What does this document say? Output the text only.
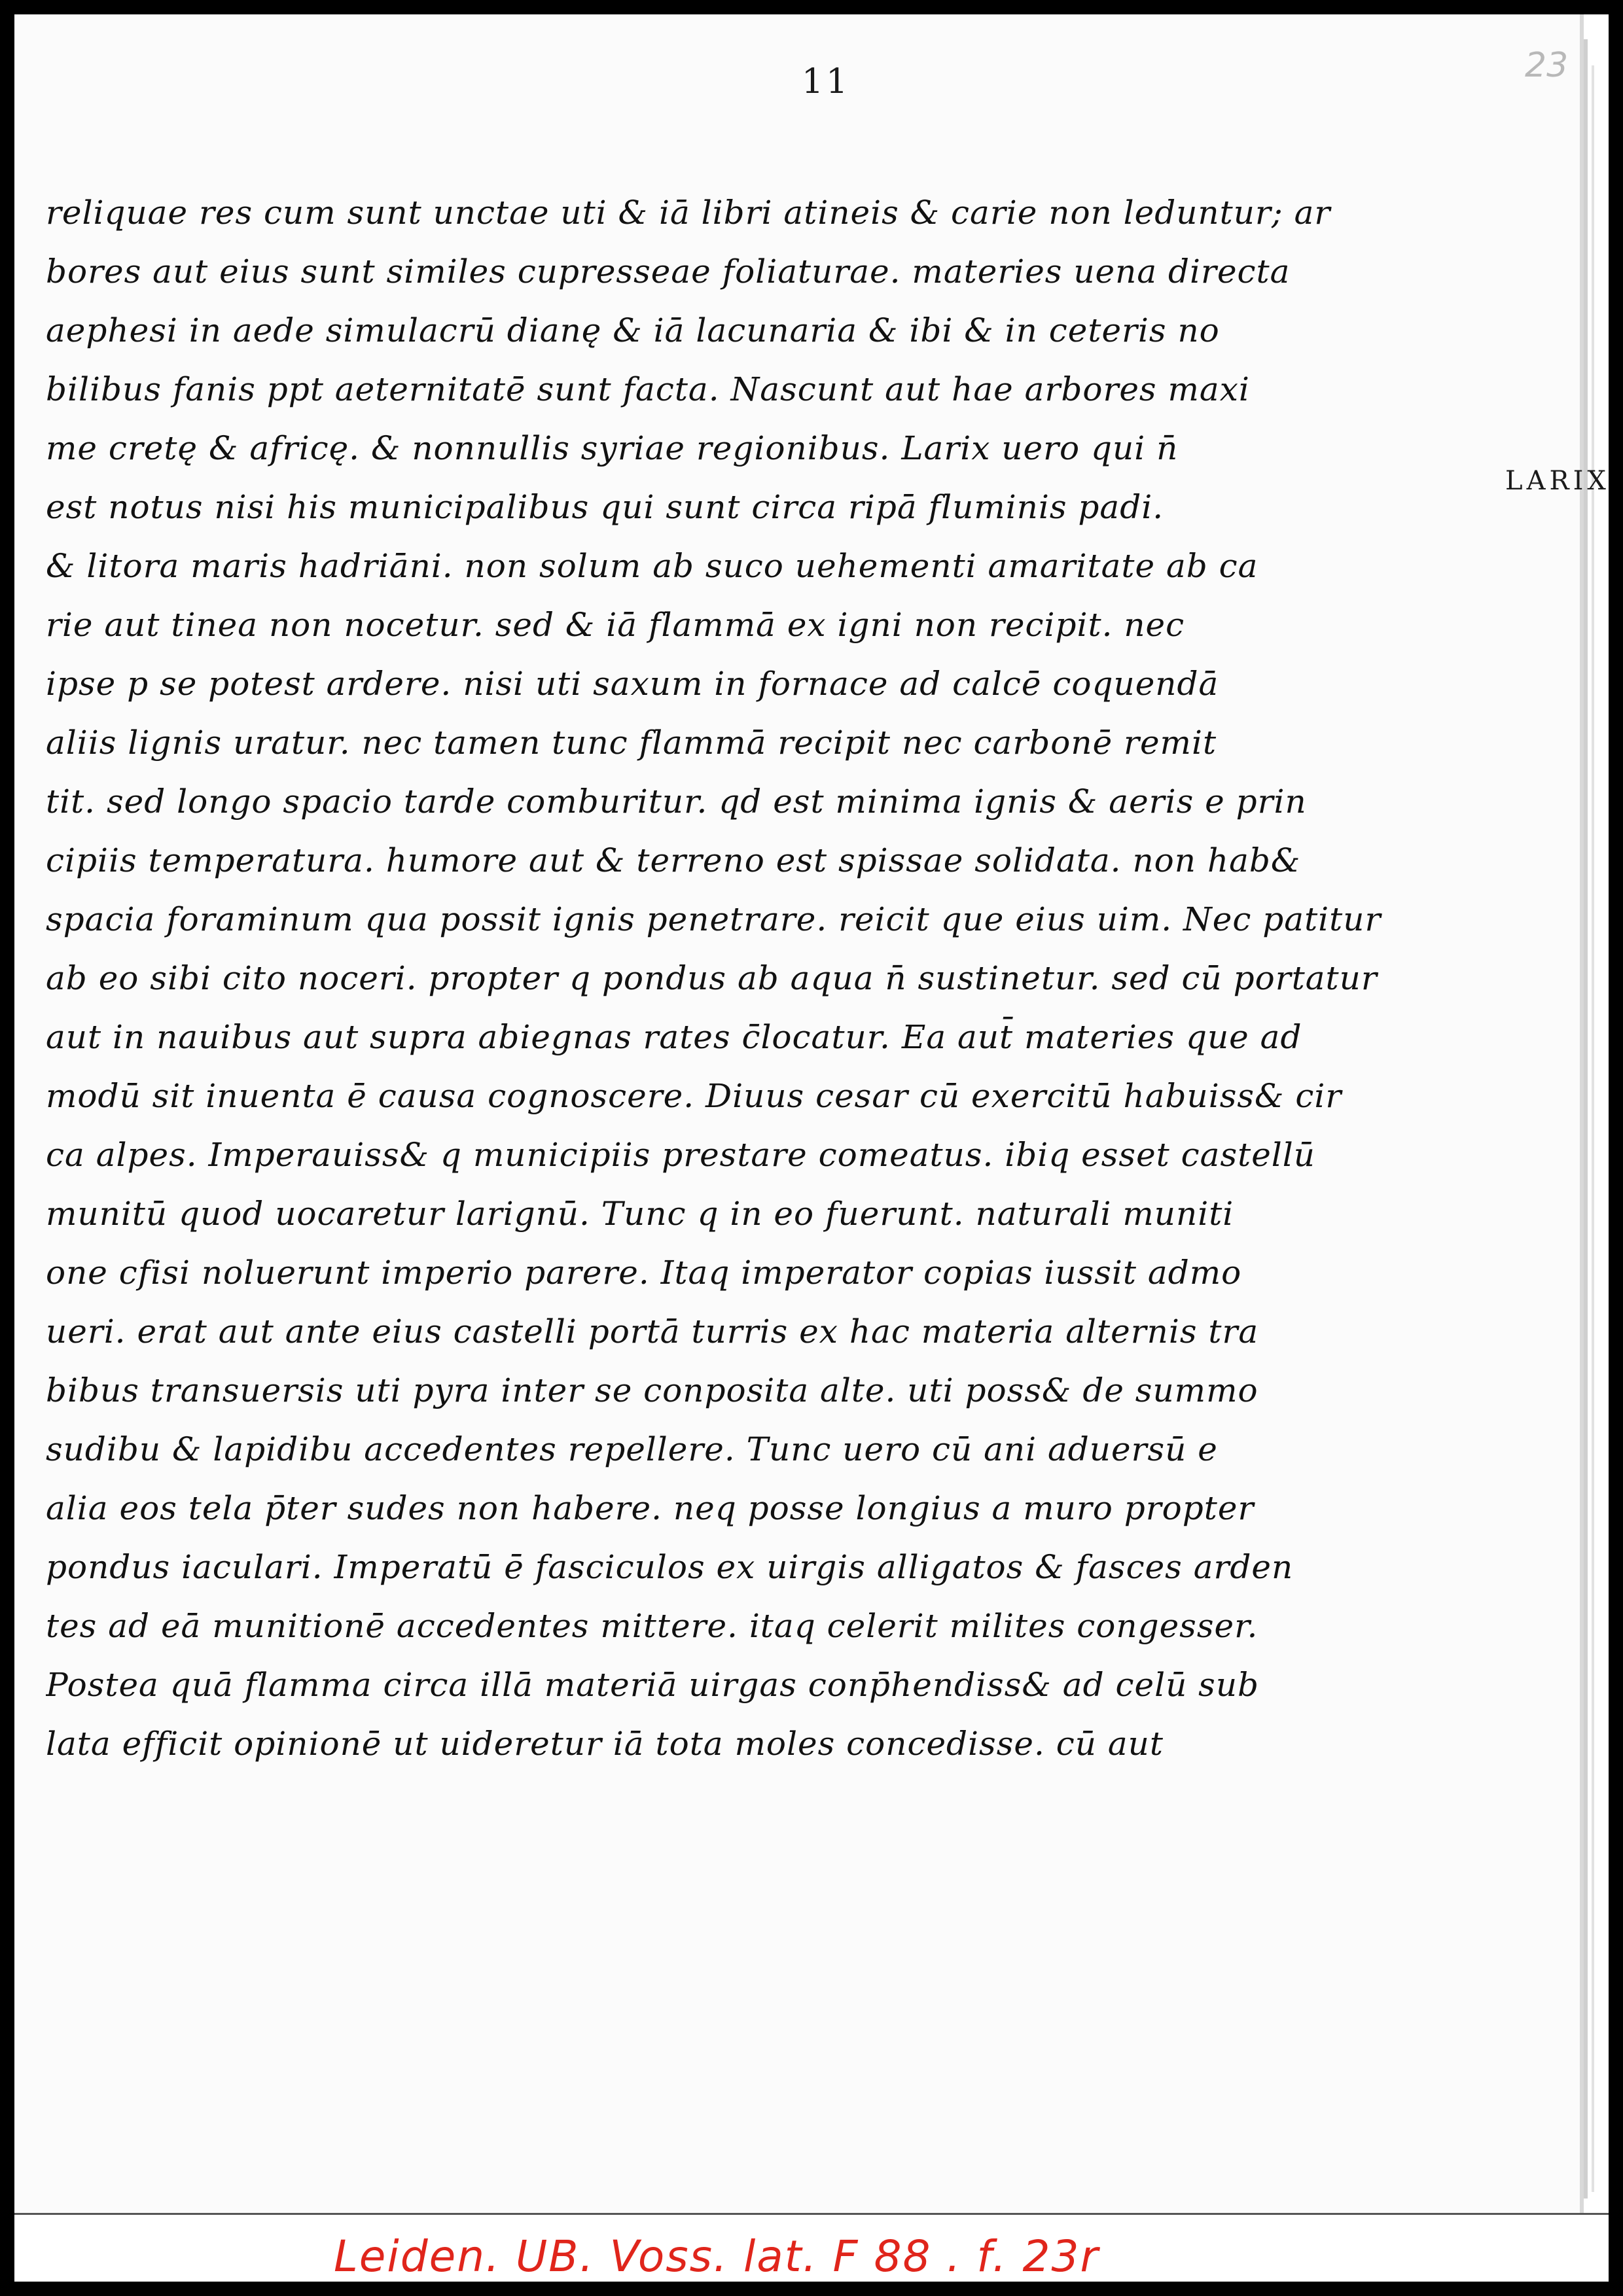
11	23
LARIX
reliquae res cum sunt unctae uti & iā libri atineis & carie non leduntur; ar
bores aut eius sunt similes cupresseae foliaturae. materies uena directa
aephesi in aede simulacrū dianę & iā lacunaria & ibi & in ceteris no
bilibus fanis ppt aeternitatē sunt facta. Nascunt aut hae arbores maxi
me cretę & africę. & nonnullis syriae regionibus. Larix uero qui n̄
est notus nisi his municipalibus qui sunt circa ripā fluminis padi.
& litora maris hadriāni. non solum ab suco uehementi amaritate ab ca
rie aut tinea non nocetur. sed & iā flammā ex igni non recipit. nec
ipse p se potest ardere. nisi uti saxum in fornace ad calcē coquendā
aliis lignis uratur. nec tamen tunc flammā recipit nec carbonē remit
tit. sed longo spacio tarde comburitur. qd est minima ignis & aeris e prin
cipiis temperatura. humore aut & terreno est spissae solidata. non hab&
spacia foraminum qua possit ignis penetrare. reicit que eius uim. Nec patitur
ab eo sibi cito noceri. propter q pondus ab aqua n̄ sustinetur. sed cū portatur
aut in nauibus aut supra abiegnas rates c̄locatur. Ea aut̄ materies que ad
modū sit inuenta ē causa cognoscere. Diuus cesar cū exercitū habuiss& cir
ca alpes. Imperauiss& q municipiis prestare comeatus. ibiq esset castellū
munitū quod uocaretur larignū. Tunc q in eo fuerunt. naturali muniti
one cfisi noluerunt imperio parere. Itaq imperator copias iussit admo
ueri. erat aut ante eius castelli portā turris ex hac materia alternis tra
bibus transuersis uti pyra inter se conposita alte. uti poss& de summo
sudibu & lapidibu accedentes repellere. Tunc uero cū ani aduersū e
alia eos tela p̄ter sudes non habere. neq posse longius a muro propter
pondus iaculari. Imperatū ē fasciculos ex uirgis alligatos & fasces arden
tes ad eā munitionē accedentes mittere. itaq celerit milites congesser.
Postea quā flamma circa illā materiā uirgas conp̄hendiss& ad celū sub
lata efficit opinionē ut uideretur iā tota moles concedisse. cū aut
Leiden. UB. Voss. lat. F 88 . f. 23r
